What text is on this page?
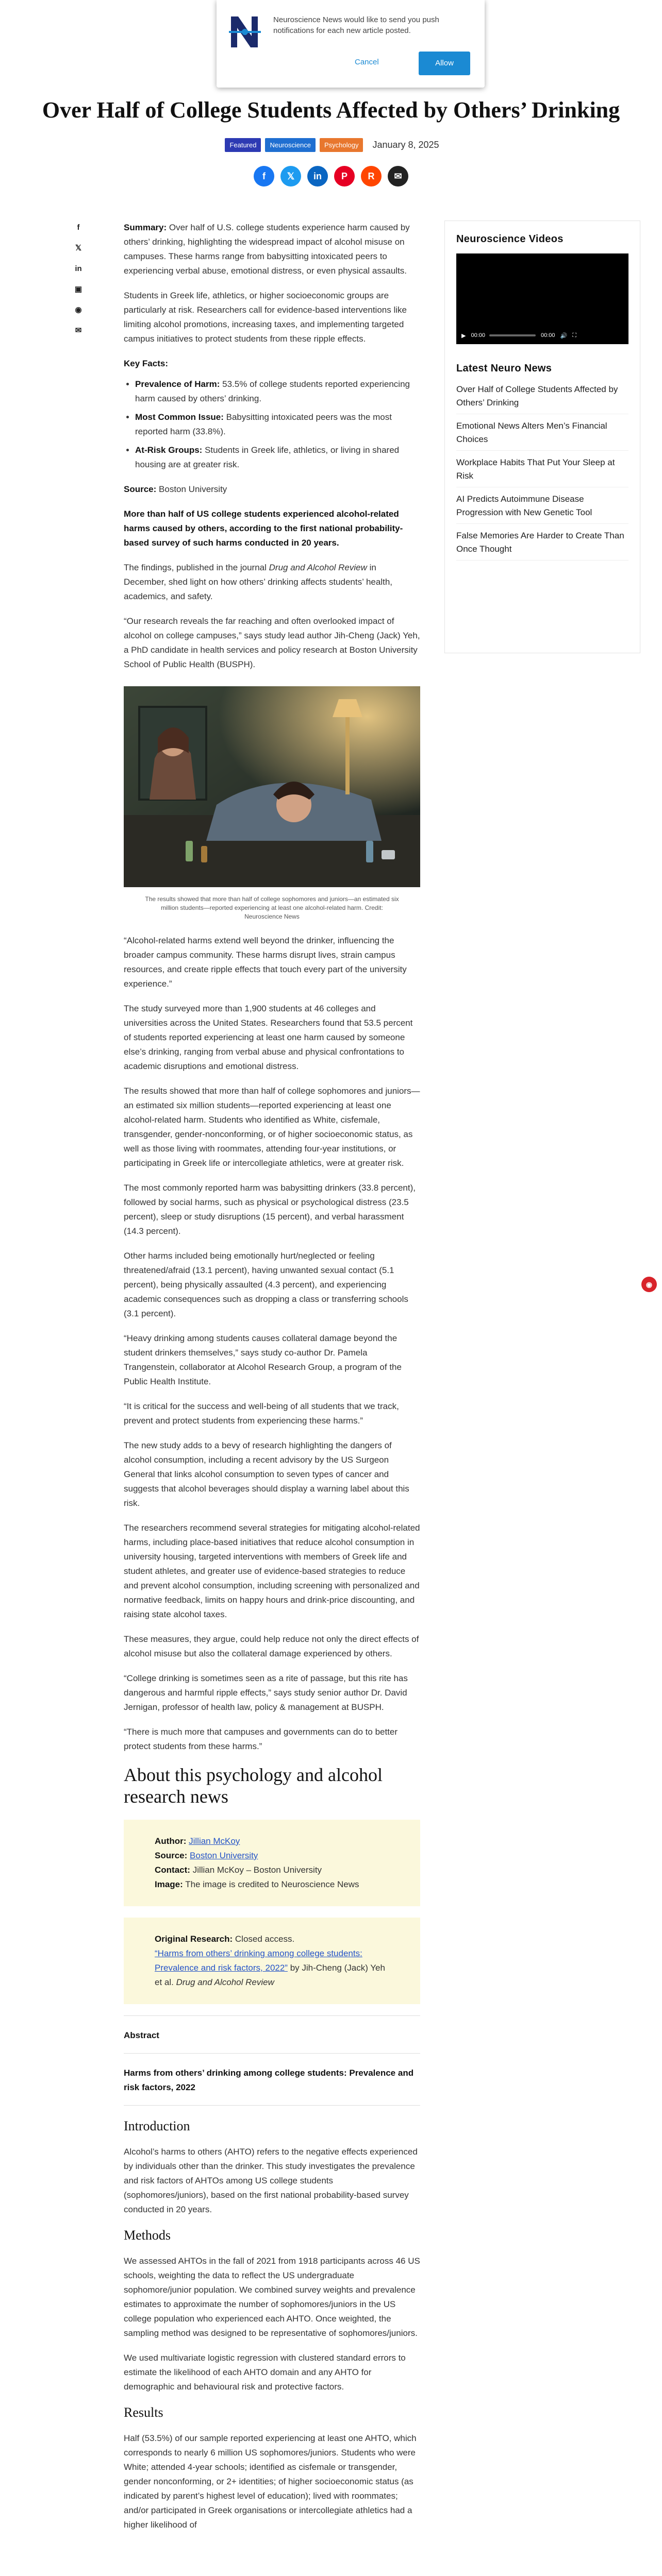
Neuroscience News would like to send you push notifications for each new article posted.
Cancel	Allow
Over Half of College Students Affected by Others’ Drinking
Featured Neuroscience Psychology January 8, 2025
f 𝕏 in P R ✉
f
𝕏
in
▣
◉
✉

Summary: Over half of U.S. college students experience harm caused by others’ drinking, highlighting the widespread impact of alcohol misuse on campuses. These harms range from babysitting intoxicated peers to experiencing verbal abuse, emotional distress, or even physical assaults.

Students in Greek life, athletics, or higher socioeconomic groups are particularly at risk. Researchers call for evidence-based interventions like limiting alcohol promotions, increasing taxes, and implementing targeted campus initiatives to protect students from these ripple effects.

Key Facts:
• Prevalence of Harm: 53.5% of college students reported experiencing harm caused by others’ drinking.
• Most Common Issue: Babysitting intoxicated peers was the most reported harm (33.8%).
• At-Risk Groups: Students in Greek life, athletics, or living in shared housing are at greater risk.

Source: Boston University

More than half of US college students experienced alcohol-related harms caused by others, according to the first national probability-based survey of such harms conducted in 20 years.

The findings, published in the journal Drug and Alcohol Review in December, shed light on how others’ drinking affects students’ health, academics, and safety.

“Our research reveals the far reaching and often overlooked impact of alcohol on college campuses,” says study lead author Jih-Cheng (Jack) Yeh, a PhD candidate in health services and policy research at Boston University School of Public Health (BUSPH).

The results showed that more than half of college sophomores and juniors—an estimated six million students—reported experiencing at least one alcohol-related harm. Credit: Neuroscience News

“Alcohol-related harms extend well beyond the drinker, influencing the broader campus community. These harms disrupt lives, strain campus resources, and create ripple effects that touch every part of the university experience.”

The study surveyed more than 1,900 students at 46 colleges and universities across the United States. Researchers found that 53.5 percent of students reported experiencing at least one harm caused by someone else’s drinking, ranging from verbal abuse and physical confrontations to academic disruptions and emotional distress.

The results showed that more than half of college sophomores and juniors—an estimated six million students—reported experiencing at least one alcohol-related harm. Students who identified as White, cisfemale, transgender, gender-nonconforming, or of higher socioeconomic status, as well as those living with roommates, attending four-year institutions, or participating in Greek life or intercollegiate athletics, were at greater risk.

The most commonly reported harm was babysitting drinkers (33.8 percent), followed by social harms, such as physical or psychological distress (23.5 percent), sleep or study disruptions (15 percent), and verbal harassment (14.3 percent).

Other harms included being emotionally hurt/neglected or feeling threatened/afraid (13.1 percent), having unwanted sexual contact (5.1 percent), being physically assaulted (4.3 percent), and experiencing academic consequences such as dropping a class or transferring schools (3.1 percent).

“Heavy drinking among students causes collateral damage beyond the student drinkers themselves,” says study co-author Dr. Pamela Trangenstein, collaborator at Alcohol Research Group, a program of the Public Health Institute.

“It is critical for the success and well-being of all students that we track, prevent and protect students from experiencing these harms.”

The new study adds to a bevy of research highlighting the dangers of alcohol consumption, including a recent advisory by the US Surgeon General that links alcohol consumption to seven types of cancer and suggests that alcohol beverages should display a warning label about this risk.

The researchers recommend several strategies for mitigating alcohol-related harms, including place-based initiatives that reduce alcohol consumption in university housing, targeted interventions with members of Greek life and student athletes, and greater use of evidence-based strategies to reduce and prevent alcohol consumption, including screening with personalized and normative feedback, limits on happy hours and drink-price discounting, and raising state alcohol taxes.

These measures, they argue, could help reduce not only the direct effects of alcohol misuse but also the collateral damage experienced by others.

“College drinking is sometimes seen as a rite of passage, but this rite has dangerous and harmful ripple effects,” says study senior author Dr. David Jernigan, professor of health law, policy & management at BUSPH.

“There is much more that campuses and governments can do to better protect students from these harms.”

About this psychology and alcohol research news
Author: Jillian McKoy
Source: Boston University
Contact: Jillian McKoy – Boston University
Image: The image is credited to Neuroscience News
Original Research: Closed access.
“Harms from others’ drinking among college students: Prevalence and risk factors, 2022” by Jih-Cheng (Jack) Yeh et al. Drug and Alcohol Review

Abstract

Harms from others’ drinking among college students: Prevalence and risk factors, 2022

Introduction

Alcohol’s harms to others (AHTO) refers to the negative effects experienced by individuals other than the drinker. This study investigates the prevalence and risk factors of AHTOs among US college students (sophomores/juniors), based on the first national probability-based survey conducted in 20 years.

Methods

We assessed AHTOs in the fall of 2021 from 1918 participants across 46 US schools, weighting the data to reflect the US undergraduate sophomore/junior population. We combined survey weights and prevalence estimates to approximate the number of sophomores/juniors in the US college population who experienced each AHTO. Once weighted, the sampling method was designed to be representative of sophomores/juniors.

We used multivariate logistic regression with clustered standard errors to estimate the likelihood of each AHTO domain and any AHTO for demographic and behavioural risk and protective factors.

Results

Half (53.5%) of our sample reported experiencing at least one AHTO, which corresponds to nearly 6 million US sophomores/juniors. Students who were White; attended 4-year schools; identified as cisfemale or transgender, gender nonconforming, or 2+ identities; of higher socioeconomic status (as indicated by parent’s highest level of education); lived with roommates; and/or participated in Greek organisations or intercollegiate athletics had a higher likelihood of

Neuroscience Videos
▶ 00:00	00:00 🔊 ⛶
Latest Neuro News
Over Half of College Students Affected by Others’ Drinking
Emotional News Alters Men’s Financial Choices
Workplace Habits That Put Your Sleep at Risk
AI Predicts Autoimmune Disease Progression with New Genetic Tool
False Memories Are Harder to Create Than Once Thought
◉
